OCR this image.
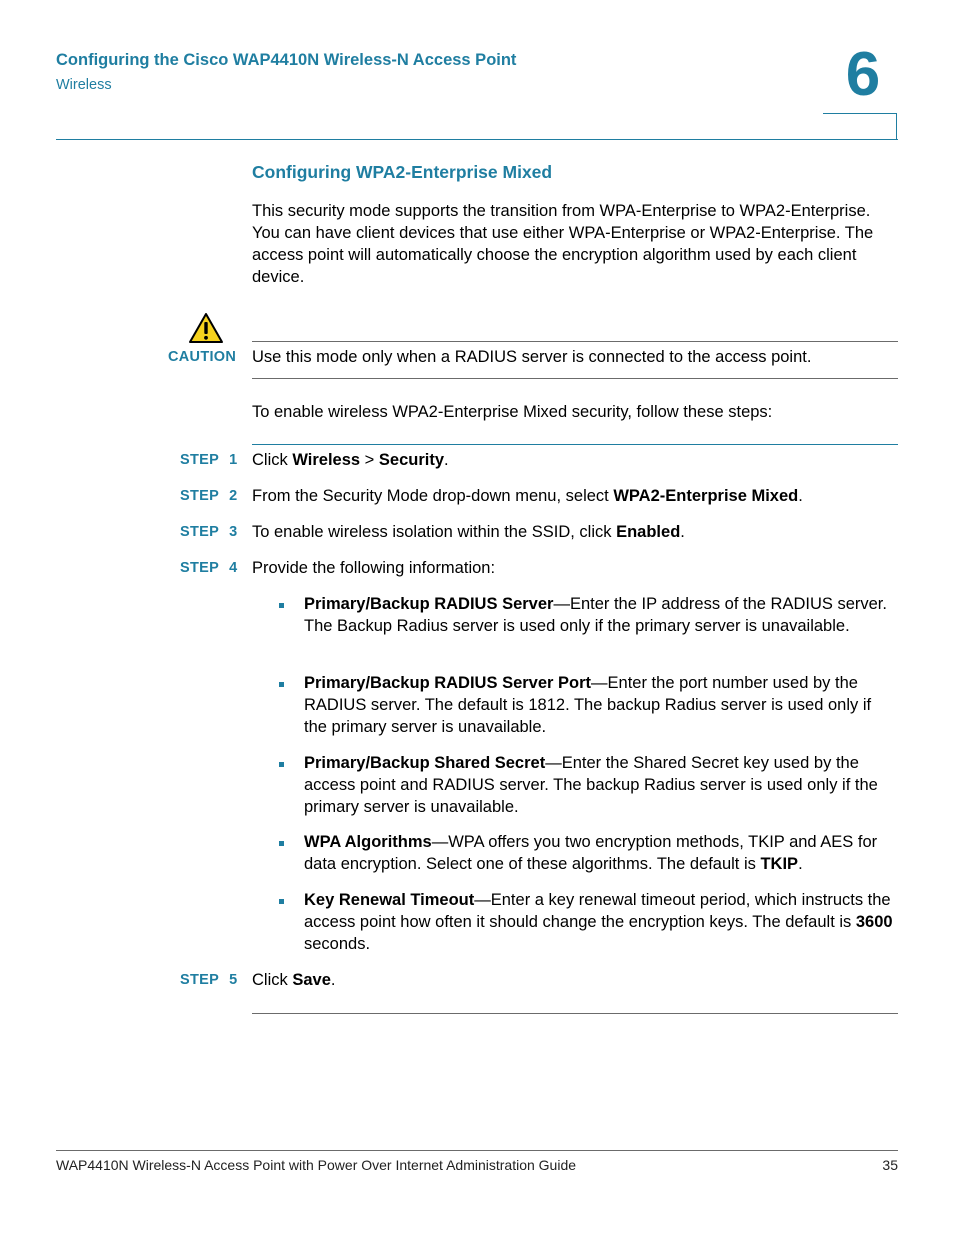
Configuring the Cisco WAP4410N Wireless-N Access Point
Wireless	6
Configuring WPA2-Enterprise Mixed
This security mode supports the transition from WPA-Enterprise to WPA2-Enterprise. You can have client devices that use either WPA-Enterprise or WPA2-Enterprise. The access point will automatically choose the encryption algorithm used by each client device.
CAUTION Use this mode only when a RADIUS server is connected to the access point.
To enable wireless WPA2-Enterprise Mixed security, follow these steps:
STEP 1 Click Wireless > Security.
STEP 2 From the Security Mode drop-down menu, select WPA2-Enterprise Mixed.
STEP 3 To enable wireless isolation within the SSID, click Enabled.
STEP 4 Provide the following information:
Primary/Backup RADIUS Server—Enter the IP address of the RADIUS server. The Backup Radius server is used only if the primary server is unavailable.
Primary/Backup RADIUS Server Port—Enter the port number used by the RADIUS server. The default is 1812. The backup Radius server is used only if the primary server is unavailable.
Primary/Backup Shared Secret—Enter the Shared Secret key used by the access point and RADIUS server. The backup Radius server is used only if the primary server is unavailable.
WPA Algorithms—WPA offers you two encryption methods, TKIP and AES for data encryption. Select one of these algorithms. The default is TKIP.
Key Renewal Timeout—Enter a key renewal timeout period, which instructs the access point how often it should change the encryption keys. The default is 3600 seconds.
STEP 5 Click Save.
WAP4410N Wireless-N Access Point with Power Over Internet Administration Guide	35
